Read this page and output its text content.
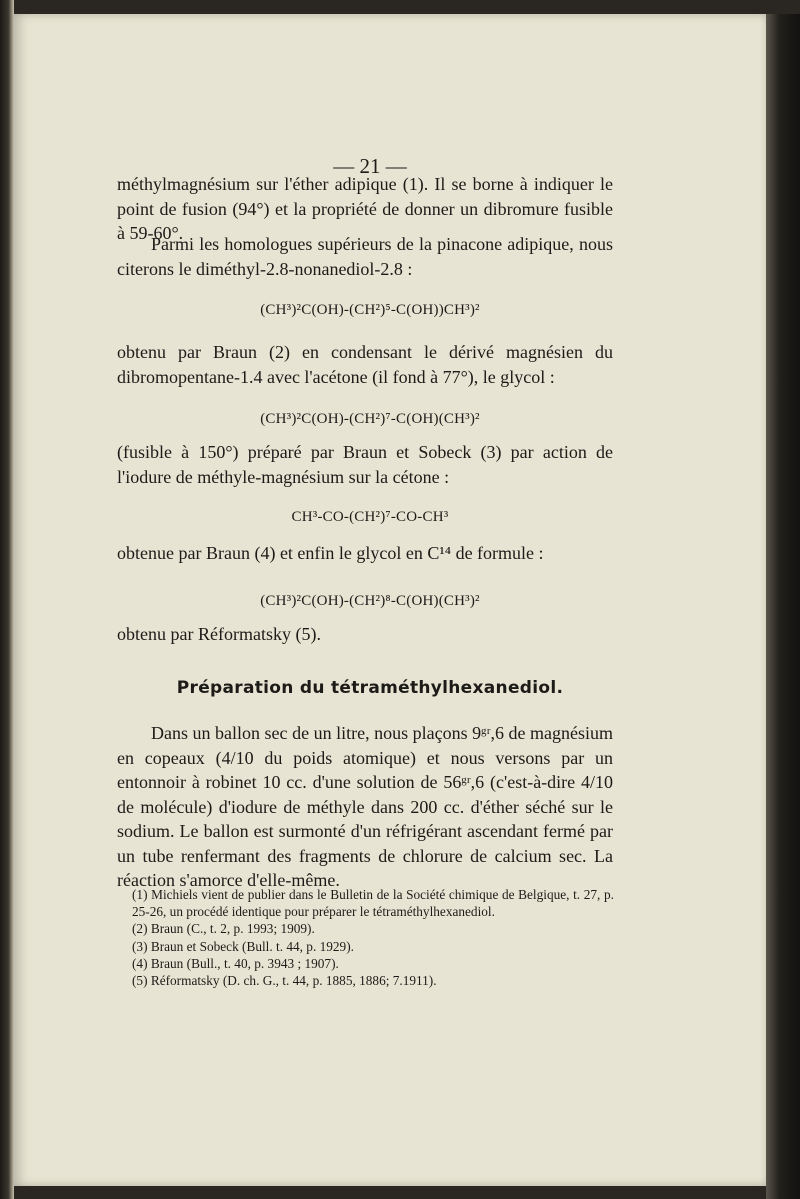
— 21 —

méthylmagnésium sur l'éther adipique (1). Il se borne à indiquer le point de fusion (94°) et la propriété de donner un dibromure fusible à 59-60°.

Parmi les homologues supérieurs de la pinacone adipique, nous citerons le diméthyl-2.8-nonanediol-2.8 :

(CH³)²C(OH)-(CH²)⁵-C(OH))CH³)²

obtenu par Braun (2) en condensant le dérivé magnésien du dibromopentane-1.4 avec l'acétone (il fond à 77°), le glycol :

(CH³)²C(OH)-(CH²)⁷-C(OH)(CH³)²

(fusible à 150°) préparé par Braun et Sobeck (3) par action de l'iodure de méthyle-magnésium sur la cétone :

CH³-CO-(CH²)⁷-CO-CH³

obtenue par Braun (4) et enfin le glycol en C¹⁴ de formule :

(CH³)²C(OH)-(CH²)⁸-C(OH)(CH³)²

obtenu par Réformatsky (5).

Préparation du tétraméthylhexanediol.

Dans un ballon sec de un litre, nous plaçons 9ᵍʳ,6 de magnésium en copeaux (4/10 du poids atomique) et nous versons par un entonnoir à robinet 10 cc. d'une solution de 56ᵍʳ,6 (c'est-à-dire 4/10 de molécule) d'iodure de méthyle dans 200 cc. d'éther séché sur le sodium. Le ballon est surmonté d'un réfrigérant ascendant fermé par un tube renfermant des fragments de chlorure de calcium sec. La réaction s'amorce d'elle-même.

(1) Michiels vient de publier dans le Bulletin de la Société chimique de Belgique, t. 27, p. 25-26, un procédé identique pour préparer le tétraméthylhexanediol.

(2) Braun (C., t. 2, p. 1993; 1909).

(3) Braun et Sobeck (Bull. t. 44, p. 1929).

(4) Braun (Bull., t. 40, p. 3943 ; 1907).

(5) Réformatsky (D. ch. G., t. 44, p. 1885, 1886; 7.1911).
